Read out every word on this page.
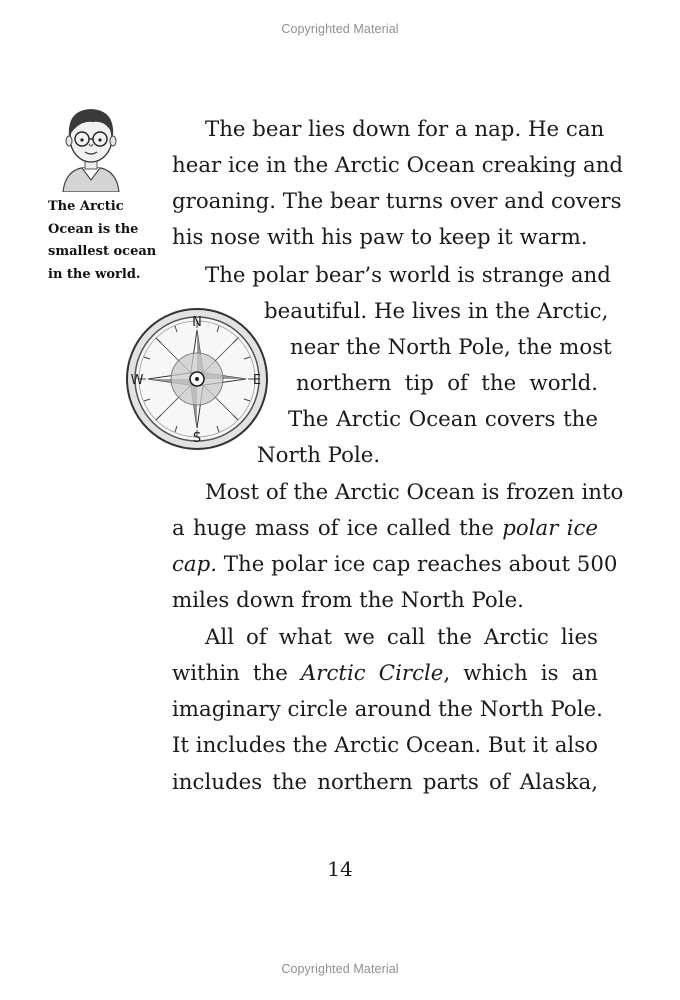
Copyrighted Material
The Arctic
Ocean is the
smallest ocean
in the world.
N
S
W	E
The bear lies down for a nap. He can
hear ice in the Arctic Ocean creaking and
groaning. The bear turns over and covers
his nose with his paw to keep it warm.
The polar bear’s world is strange and
beautiful. He lives in the Arctic,
near the North Pole, the most
northern tip of the world.
The Arctic Ocean covers the
North Pole.
Most of the Arctic Ocean is frozen into
a huge mass of ice called the polar ice
cap. The polar ice cap reaches about 500
miles down from the North Pole.
All of what we call the Arctic lies
within the Arctic Circle, which is an
imaginary circle around the North Pole.
It includes the Arctic Ocean. But it also
includes the northern parts of Alaska,
14
Copyrighted Material
